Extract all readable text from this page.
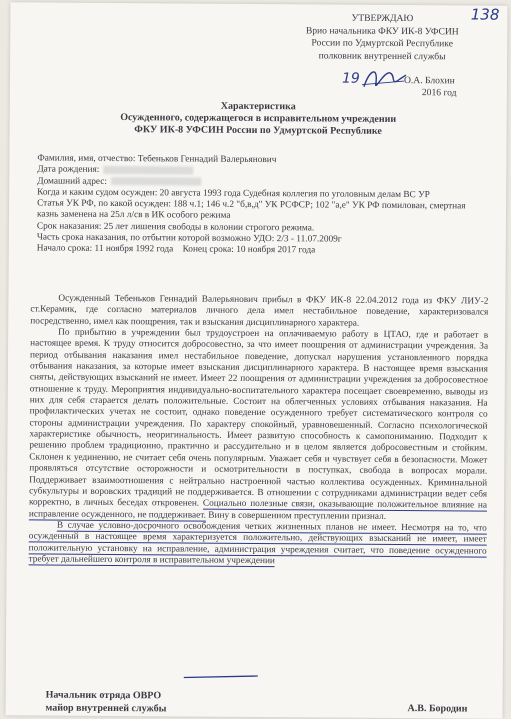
138
УТВЕРЖДАЮ
Врио начальника ФКУ ИК-8 УФСИН
России по Удмуртской Республике
полковник внутренней службы
19	О.А. Блохин
2016 год
Характеристика
Осужденного, содержащегося в исправительном учреждении
ФКУ ИК-8 УФСИН России по Удмуртской Республике

Фамилия, имя, отчество: Тебеньков Геннадий Валерьянович

Дата рождения:

Домашний адрес:

Когда и каким судом осужден: 20 августа 1993 года Судебная коллегия по уголовным делам ВС УР

Статья УК РФ, по какой осужден: 188 ч.1; 146 ч.2 "б,в,д" УК РСФСР; 102 "а,е" УК РФ помилован, смертная казнь заменена на 25л л/св в ИК особого режима

Срок наказания: 25 лет лишения свободы в колонии строгого режима.

Часть срока наказания, по отбытии которой возможно УДО: 2/3 - 11.07.2009г

Начало срока: 11 ноября 1992 года Конец срока: 10 ноября 2017 года

Осужденный Тебеньков Геннадий Валерьянович прибыл в ФКУ ИК-8 22.04.2012 года из ФКУ ЛИУ-2 ст.Керамик, где согласно материалов личного дела имел нестабильное поведение, характеризовался посредственно, имел как поощрения, так и взыскания дисциплинарного характера.

По прибытию в учреждении был трудоустроен на оплачиваемую работу в ЦТАО, где и работает в настоящее время. К труду относится добросовестно, за что имеет поощрения от администрации учреждения. За период отбывания наказания имел нестабильное поведение, допускал нарушения установленного порядка отбывания наказания, за которые имеет взыскания дисциплинарного характера. В настоящее время взыскания сняты, действующих взысканий не имеет. Имеет 22 поощрения от администрации учреждения за добросовестное отношение к труду. Мероприятия индивидуально-воспитательного характера посещает своевременно, выводы из них для себя старается делать положительные. Состоит на облегченных условиях отбывания наказания. На профилактических учетах не состоит, однако поведение осужденного требует систематического контроля со стороны администрации учреждения. По характеру спокойный, уравновешенный. Согласно психологической характеристике обычность, неоригинальность. Имеет развитую способность к самопониманию. Подходит к решению проблем традиционно, практично и рассудительно и в целом является добросовестным и стойким. Склонен к уединению, не считает себя очень популярным. Уважает себя и чувствует себя в безопасности. Может проявляться отсутствие осторожности и осмотрительности в поступках, свобода в вопросах морали. Поддерживает взаимоотношения с нейтрально настроенной частью коллектива осужденных. Криминальной субкультуры и воровских традиций не поддерживается. В отношении с сотрудниками администрации ведет себя корректно, в личных беседах откровенен. Социально полезные связи, оказывающие положительное влияние на исправление осужденного, не поддерживает. Вину в совершенном преступлении признал.

В случае условно-досрочного освобождения четких жизненных планов не имеет. Несмотря на то, что осужденный в настоящее время характеризуется положительно, действующих взысканий не имеет, имеет положительную установку на исправление, администрация учреждения считает, что поведение осужденного требует дальнейшего контроля в исправительном учреждении

Начальник отряда ОВРО
майор внутренней службы	А.В. Бородин
